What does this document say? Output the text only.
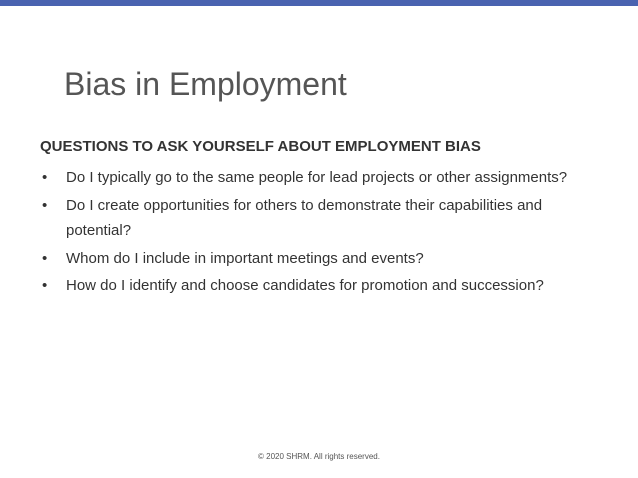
Bias in Employment
QUESTIONS TO ASK YOURSELF ABOUT EMPLOYMENT BIAS
• Do I typically go to the same people for lead projects or other assignments?
• Do I create opportunities for others to demonstrate their capabilities and potential?
• Whom do I include in important meetings and events?
• How do I identify and choose candidates for promotion and succession?
© 2020 SHRM. All rights reserved.
